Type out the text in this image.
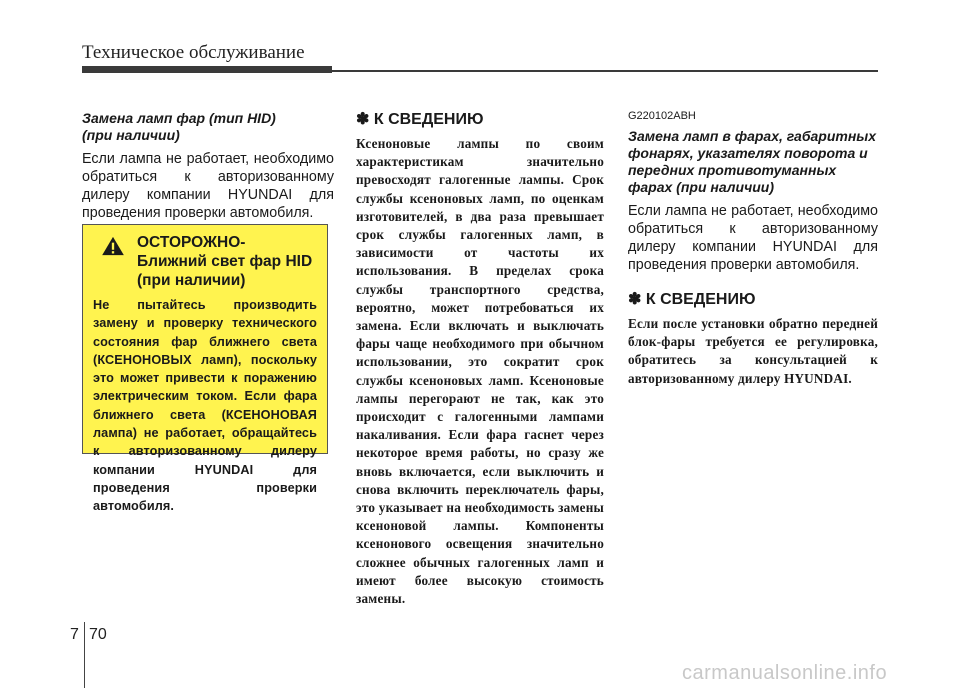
Техническое обслуживание

Замена ламп фар (тип HID)
(при наличии)

Если лампа не работает, необходимо обратиться к авторизованному дилеру компании HYUNDAI для проведения проверки автомобиля.

ОСТОРОЖНО-
Ближний свет фар HID
(при наличии)

Не пытайтесь производить замену и проверку технического состояния фар ближнего света (КСЕНОНОВЫХ ламп), поскольку это может привести к поражению электрическим током. Если фара ближнего света (КСЕНОНОВАЯ лампа) не работает, обращайтесь к авторизованному дилеру компании HYUNDAI для проведения проверки автомобиля.

✽ К СВЕДЕНИЮ

Ксеноновые лампы по своим характеристикам значительно превосходят галогенные лампы. Срок службы ксеноновых ламп, по оценкам изготовителей, в два раза превышает срок службы галогенных ламп, в зависимости от частоты их использования. В пределах срока службы транспортного средства, вероятно, может потребоваться их замена. Если включать и выключать фары чаще необходимого при обычном использовании, это сократит срок службы ксеноновых ламп. Ксеноновые лампы перегорают не так, как это происходит с галогенными лампами накаливания. Если фара гаснет через некоторое время работы, но сразу же вновь включается, если выключить и снова включить переключатель фары, это указывает на необходимость замены ксеноновой лампы. Компоненты ксенонового освещения значительно сложнее обычных галогенных ламп и имеют более высокую стоимость замены.

G220102ABH

Замена ламп в фарах, габаритных
фонарях, указателях поворота и
передних противотуманных
фарах (при наличии)

Если лампа не работает, необходимо обратиться к авторизованному дилеру компании HYUNDAI для проведения проверки автомобиля.

✽ К СВЕДЕНИЮ

Если после установки обратно передней блок-фары требуется ее регулировка, обратитесь за консультацией к авторизованному дилеру HYUNDAI.

7 70
carmanualsonline.info
